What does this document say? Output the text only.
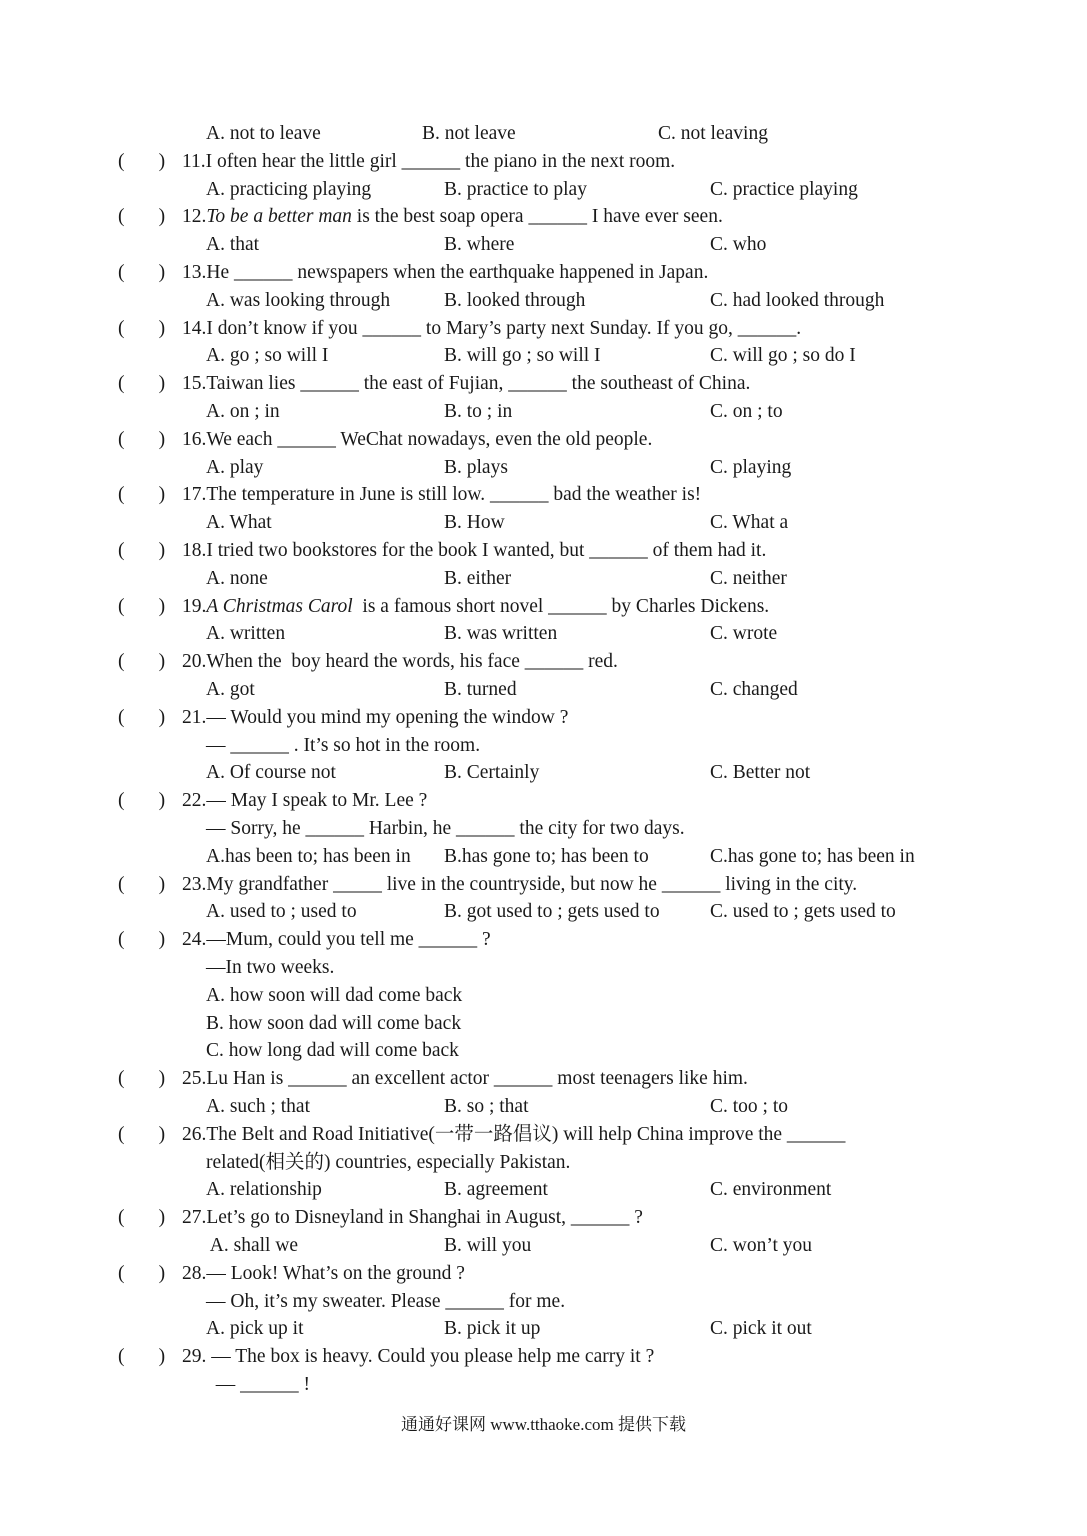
A. not to leave	B. not leave	C. not leaving
(       ) 11.I often hear the little girl ______ the piano in the next room.
A. practicing playing	B. practice to play	C. practice playing
(       ) 12.To be a better man is the best soap opera ______ I have ever seen.
A. that	B. where	C. who
(       ) 13.He ______ newspapers when the earthquake happened in Japan.
A. was looking through	B. looked through	C. had looked through
(       ) 14.I don’t know if you ______ to Mary’s party next Sunday. If you go, ______.
A. go ; so will I	B. will go ; so will I	C. will go ; so do I
(       ) 15.Taiwan lies ______ the east of Fujian, ______ the southeast of China.
A. on ; in	B. to ; in	C. on ; to
(       ) 16.We each ______ WeChat nowadays, even the old people.
A. play	B. plays	C. playing
(       ) 17.The temperature in June is still low. ______ bad the weather is!
A. What	B. How	C. What a
(       ) 18.I tried two bookstores for the book I wanted, but ______ of them had it.
A. none	B. either	C. neither
(       ) 19.A Christmas Carol  is a famous short novel ______ by Charles Dickens.
A. written	B. was written	C. wrote
(       ) 20.When the  boy heard the words, his face ______ red.
A. got	B. turned	C. changed
(       ) 21.— Would you mind my opening the window ?
— ______ . It’s so hot in the room.
A. Of course not	B. Certainly	C. Better not
(       ) 22.— May I speak to Mr. Lee ?
— Sorry, he ______ Harbin, he ______ the city for two days.
A.has been to; has been in B.has gone to; has been to	C.has gone to; has been in
(       ) 23.My grandfather _____ live in the countryside, but now he ______ living in the city.
A. used to ; used to	B. got used to ; gets used to	C. used to ; gets used to
(       ) 24.—Mum, could you tell me ______ ?
—In two weeks.
A. how soon will dad come back
B. how soon dad will come back
C. how long dad will come back
(       ) 25.Lu Han is ______ an excellent actor ______ most teenagers like him.
A. such ; that	B. so ; that	C. too ; to
(       ) 26.The Belt and Road Initiative(一带一路倡议) will help China improve the ______
related(相关的) countries, especially Pakistan.
A. relationship	B. agreement	C. environment
(       ) 27.Let’s go to Disneyland in Shanghai in August, ______ ?
A. shall we	B. will you	C. won’t you
(       ) 28.— Look! What’s on the ground ?
— Oh, it’s my sweater. Please ______ for me.
A. pick up it	B. pick it up	C. pick it out
(       ) 29. — The box is heavy. Could you please help me carry it ?
— ______ !
通通好课网 www.tthaoke.com 提供下载
